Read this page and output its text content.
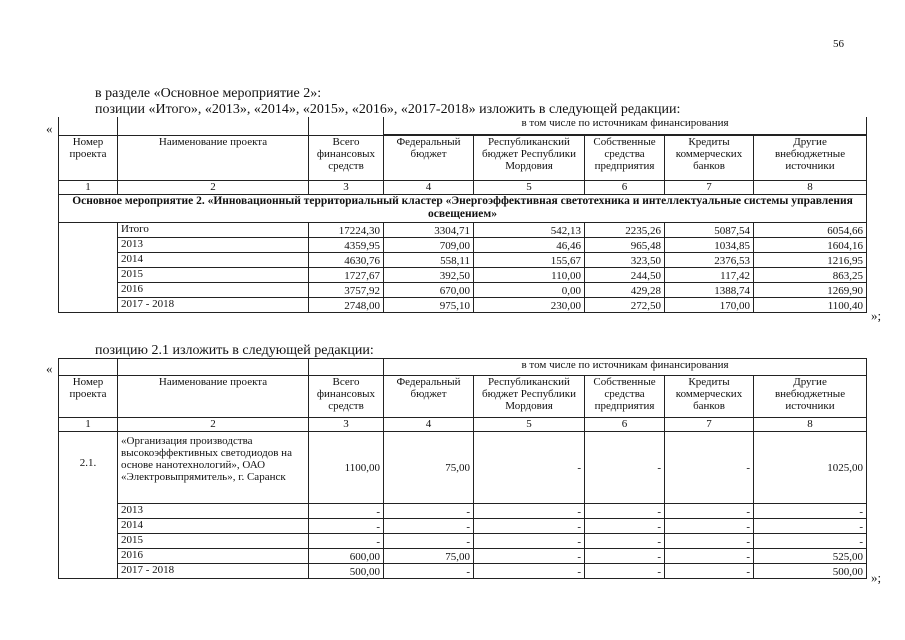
56
в разделе «Основное мероприятие 2»:
позиции «Итого», «2013», «2014», «2015», «2016», «2017-2018» изложить в следующей редакции:
«
				в том числе по источникам финансирования				

Номер проекта	Наименование проекта	Всего финансовых средств	Федеральный бюджет	Республиканский бюджет Республики Мордовия	Собственные средства предприятия	Кредиты коммерческих банков	Другие внебюджетные источники
1	2	3	4	5	6	7	8
Основное мероприятие 2. «Инновационный территориальный кластер «Энергоэффективная светотехника и интеллектуальные системы управления освещением»							
	Итого	17224,30	3304,71	542,13	2235,26	5087,54	6054,66
	2013	4359,95	709,00	46,46	965,48	1034,85	1604,16
	2014	4630,76	558,11	155,67	323,50	2376,53	1216,95
	2015	1727,67	392,50	110,00	244,50	117,42	863,25
	2016	3757,92	670,00	0,00	429,28	1388,74	1269,90
	2017 - 2018	2748,00	975,10	230,00	272,50	170,00	1100,40
»;
позицию 2.1 изложить в следующей редакции:
«
				в том числе по источникам финансирования				
Номер проекта	Наименование проекта	Всего финансовых средств	Федеральный бюджет	Республиканский бюджет Республики Мордовия	Собственные средства предприятия	Кредиты коммерческих банков	Другие внебюджетные источники
1	2	3	4	5	6	7	8
2.1.	«Организация производства высокоэффективных светодиодов на основе нанотехнологий», ОАО «Электровыпрямитель», г. Саранск	1100,00	75,00	-	-	-	1025,00
	2013	-	-	-	-	-	-
	2014	-	-	-	-	-	-
	2015	-	-	-	-	-	-
	2016	600,00	75,00	-	-	-	525,00
	2017 - 2018	500,00	-	-	-	-	500,00 »;
